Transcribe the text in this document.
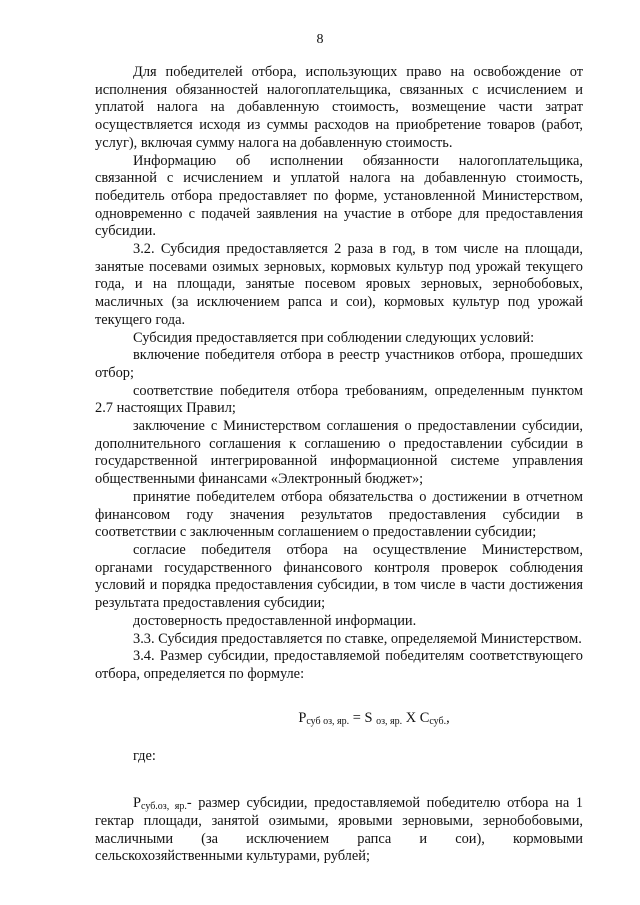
8

Для победителей отбора, использующих право на освобождение от исполнения обязанностей налогоплательщика, связанных с исчислением и уплатой налога на добавленную стоимость, возмещение части затрат осуществляется исходя из суммы расходов на приобретение товаров (работ, услуг), включая сумму налога на добавленную стоимость.

Информацию об исполнении обязанности налогоплательщика, связанной с исчислением и уплатой налога на добавленную стоимость, победитель отбора предоставляет по форме, установленной Министерством, одновременно с подачей заявления на участие в отборе для предоставления субсидии.

3.2. Субсидия предоставляется 2 раза в год, в том числе на площади, занятые посевами озимых зерновых, кормовых культур под урожай текущего года, и на площади, занятые посевом яровых зерновых, зернобобовых, масличных (за исключением рапса и сои), кормовых культур под урожай текущего года.

Субсидия предоставляется при соблюдении следующих условий:

включение победителя отбора в реестр участников отбора, прошедших отбор;

соответствие победителя отбора требованиям, определенным пунктом 2.7 настоящих Правил;

заключение с Министерством соглашения о предоставлении субсидии, дополнительного соглашения к соглашению о предоставлении субсидии в государственной интегрированной информационной системе управления общественными финансами «Электронный бюджет»;

принятие победителем отбора обязательства о достижении в отчетном финансовом году значения результатов предоставления субсидии в соответствии с заключенным соглашением о предоставлении субсидии;

согласие победителя отбора на осуществление Министерством, органами государственного финансового контроля проверок соблюдения условий и порядка предоставления субсидии, в том числе в части достижения результата предоставления субсидии;

достоверность предоставленной информации.

3.3. Субсидия предоставляется по ставке, определяемой Министерством.

3.4. Размер субсидии, предоставляемой победителям соответствующего отбора, определяется по формуле:

$P_{суб оз, яр.} = S$ $_{оз, яр.}$ X $C_{суб.}$,

где:

$P_{суб.оз, яр.}-$ размер субсидии, предоставляемой победителю отбора на 1 гектар площади, занятой озимыми, яровыми зерновыми, зернобобовыми, масличными (за исключением рапса и сои), кормовыми сельскохозяйственными культурами, рублей;
